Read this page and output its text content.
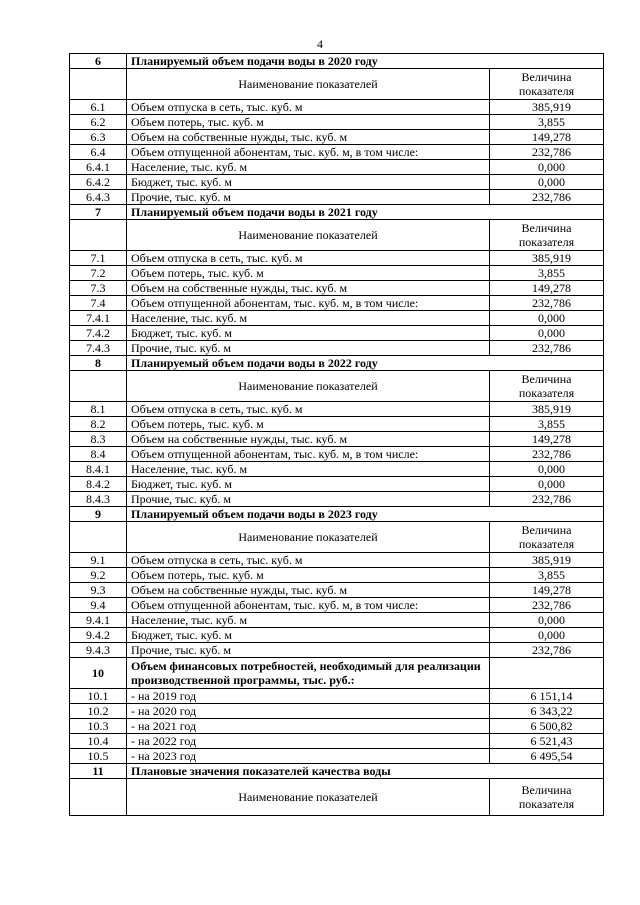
4
6	Планируемый объем подачи воды в 2020 году	
	Наименование показателей	Величина показателя
6.1	Объем отпуска в сеть, тыс. куб. м	385,919
6.2	Объем потерь, тыс. куб. м	3,855
6.3	Объем на собственные нужды, тыс. куб. м	149,278
6.4	Объем отпущенной абонентам, тыс. куб. м, в том числе:	232,786
6.4.1	Население, тыс. куб. м	0,000
6.4.2	Бюджет, тыс. куб. м	0,000
6.4.3	Прочие, тыс. куб. м	232,786
7	Планируемый объем подачи воды в 2021 году	
	Наименование показателей	Величина показателя
7.1	Объем отпуска в сеть, тыс. куб. м	385,919
7.2	Объем потерь, тыс. куб. м	3,855
7.3	Объем на собственные нужды, тыс. куб. м	149,278
7.4	Объем отпущенной абонентам, тыс. куб. м, в том числе:	232,786
7.4.1	Население, тыс. куб. м	0,000
7.4.2	Бюджет, тыс. куб. м	0,000
7.4.3	Прочие, тыс. куб. м	232,786
8	Планируемый объем подачи воды в 2022 году	
	Наименование показателей	Величина показателя
8.1	Объем отпуска в сеть, тыс. куб. м	385,919
8.2	Объем потерь, тыс. куб. м	3,855
8.3	Объем на собственные нужды, тыс. куб. м	149,278
8.4	Объем отпущенной абонентам, тыс. куб. м, в том числе:	232,786
8.4.1	Население, тыс. куб. м	0,000
8.4.2	Бюджет, тыс. куб. м	0,000
8.4.3	Прочие, тыс. куб. м	232,786
9	Планируемый объем подачи воды в 2023 году	
	Наименование показателей	Величина показателя
9.1	Объем отпуска в сеть, тыс. куб. м	385,919
9.2	Объем потерь, тыс. куб. м	3,855
9.3	Объем на собственные нужды, тыс. куб. м	149,278
9.4	Объем отпущенной абонентам, тыс. куб. м, в том числе:	232,786
9.4.1	Население, тыс. куб. м	0,000
9.4.2	Бюджет, тыс. куб. м	0,000
9.4.3	Прочие, тыс. куб. м	232,786
10	Объем финансовых потребностей, необходимый для реализации производственной программы, тыс. руб.:	
10.1	- на 2019 год	6 151,14
10.2	- на 2020 год	6 343,22
10.3	- на 2021 год	6 500,82
10.4	- на 2022 год	6 521,43
10.5	- на 2023 год	6 495,54
11	Плановые значения показателей качества воды	
	Наименование показателей	Величина показателя
